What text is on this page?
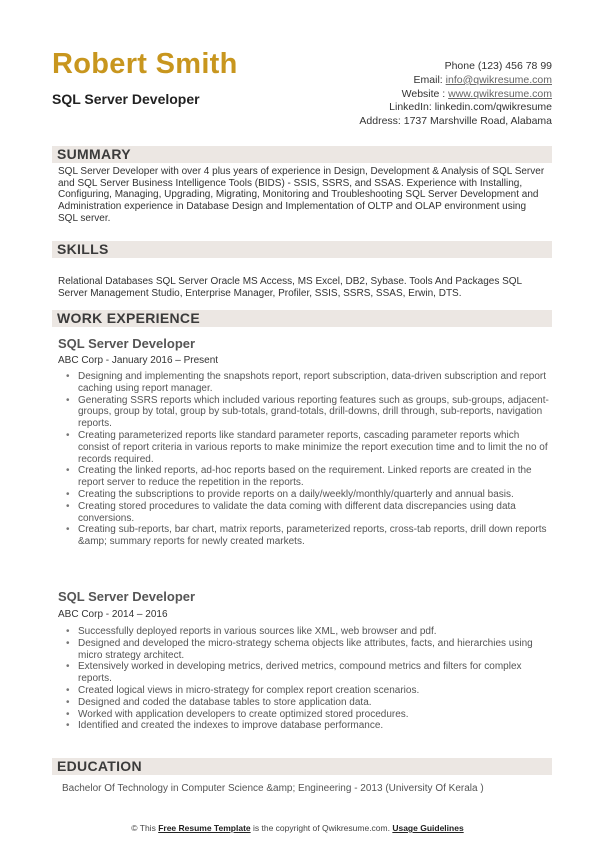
Robert Smith
SQL Server Developer
Phone (123) 456 78 99
Email: info@qwikresume.com
Website : www.qwikresume.com
LinkedIn: linkedin.com/qwikresume
Address: 1737 Marshville Road, Alabama
SUMMARY
SQL Server Developer with over 4 plus years of experience in Design, Development & Analysis of SQL Server and SQL Server Business Intelligence Tools (BIDS) - SSIS, SSRS, and SSAS. Experience with Installing, Configuring, Managing, Upgrading, Migrating, Monitoring and Troubleshooting SQL Server Development and Administration experience in Database Design and Implementation of OLTP and OLAP environment using SQL server.
SKILLS
Relational Databases SQL Server Oracle MS Access, MS Excel, DB2, Sybase. Tools And Packages SQL Server Management Studio, Enterprise Manager, Profiler, SSIS, SSRS, SSAS, Erwin, DTS.
WORK EXPERIENCE
SQL Server Developer
ABC Corp - January 2016 – Present
• Designing and implementing the snapshots report, report subscription, data-driven subscription and report caching using report manager.
• Generating SSRS reports which included various reporting features such as groups, sub-groups, adjacent-groups, group by total, group by sub-totals, grand-totals, drill-downs, drill through, sub-reports, navigation reports.
• Creating parameterized reports like standard parameter reports, cascading parameter reports which consist of report criteria in various reports to make minimize the report execution time and to limit the no of records required.
• Creating the linked reports, ad-hoc reports based on the requirement. Linked reports are created in the report server to reduce the repetition in the reports.
• Creating the subscriptions to provide reports on a daily/weekly/monthly/quarterly and annual basis.
• Creating stored procedures to validate the data coming with different data discrepancies using data conversions.
• Creating sub-reports, bar chart, matrix reports, parameterized reports, cross-tab reports, drill down reports &amp; summary reports for newly created markets.
SQL Server Developer
ABC Corp - 2014 – 2016
• Successfully deployed reports in various sources like XML, web browser and pdf.
• Designed and developed the micro-strategy schema objects like attributes, facts, and hierarchies using micro strategy architect.
• Extensively worked in developing metrics, derived metrics, compound metrics and filters for complex reports.
• Created logical views in micro-strategy for complex report creation scenarios.
• Designed and coded the database tables to store application data.
• Worked with application developers to create optimized stored procedures.
• Identified and created the indexes to improve database performance.
EDUCATION
Bachelor Of Technology in Computer Science &amp; Engineering - 2013 (University Of Kerala )
© This Free Resume Template is the copyright of Qwikresume.com. Usage Guidelines
